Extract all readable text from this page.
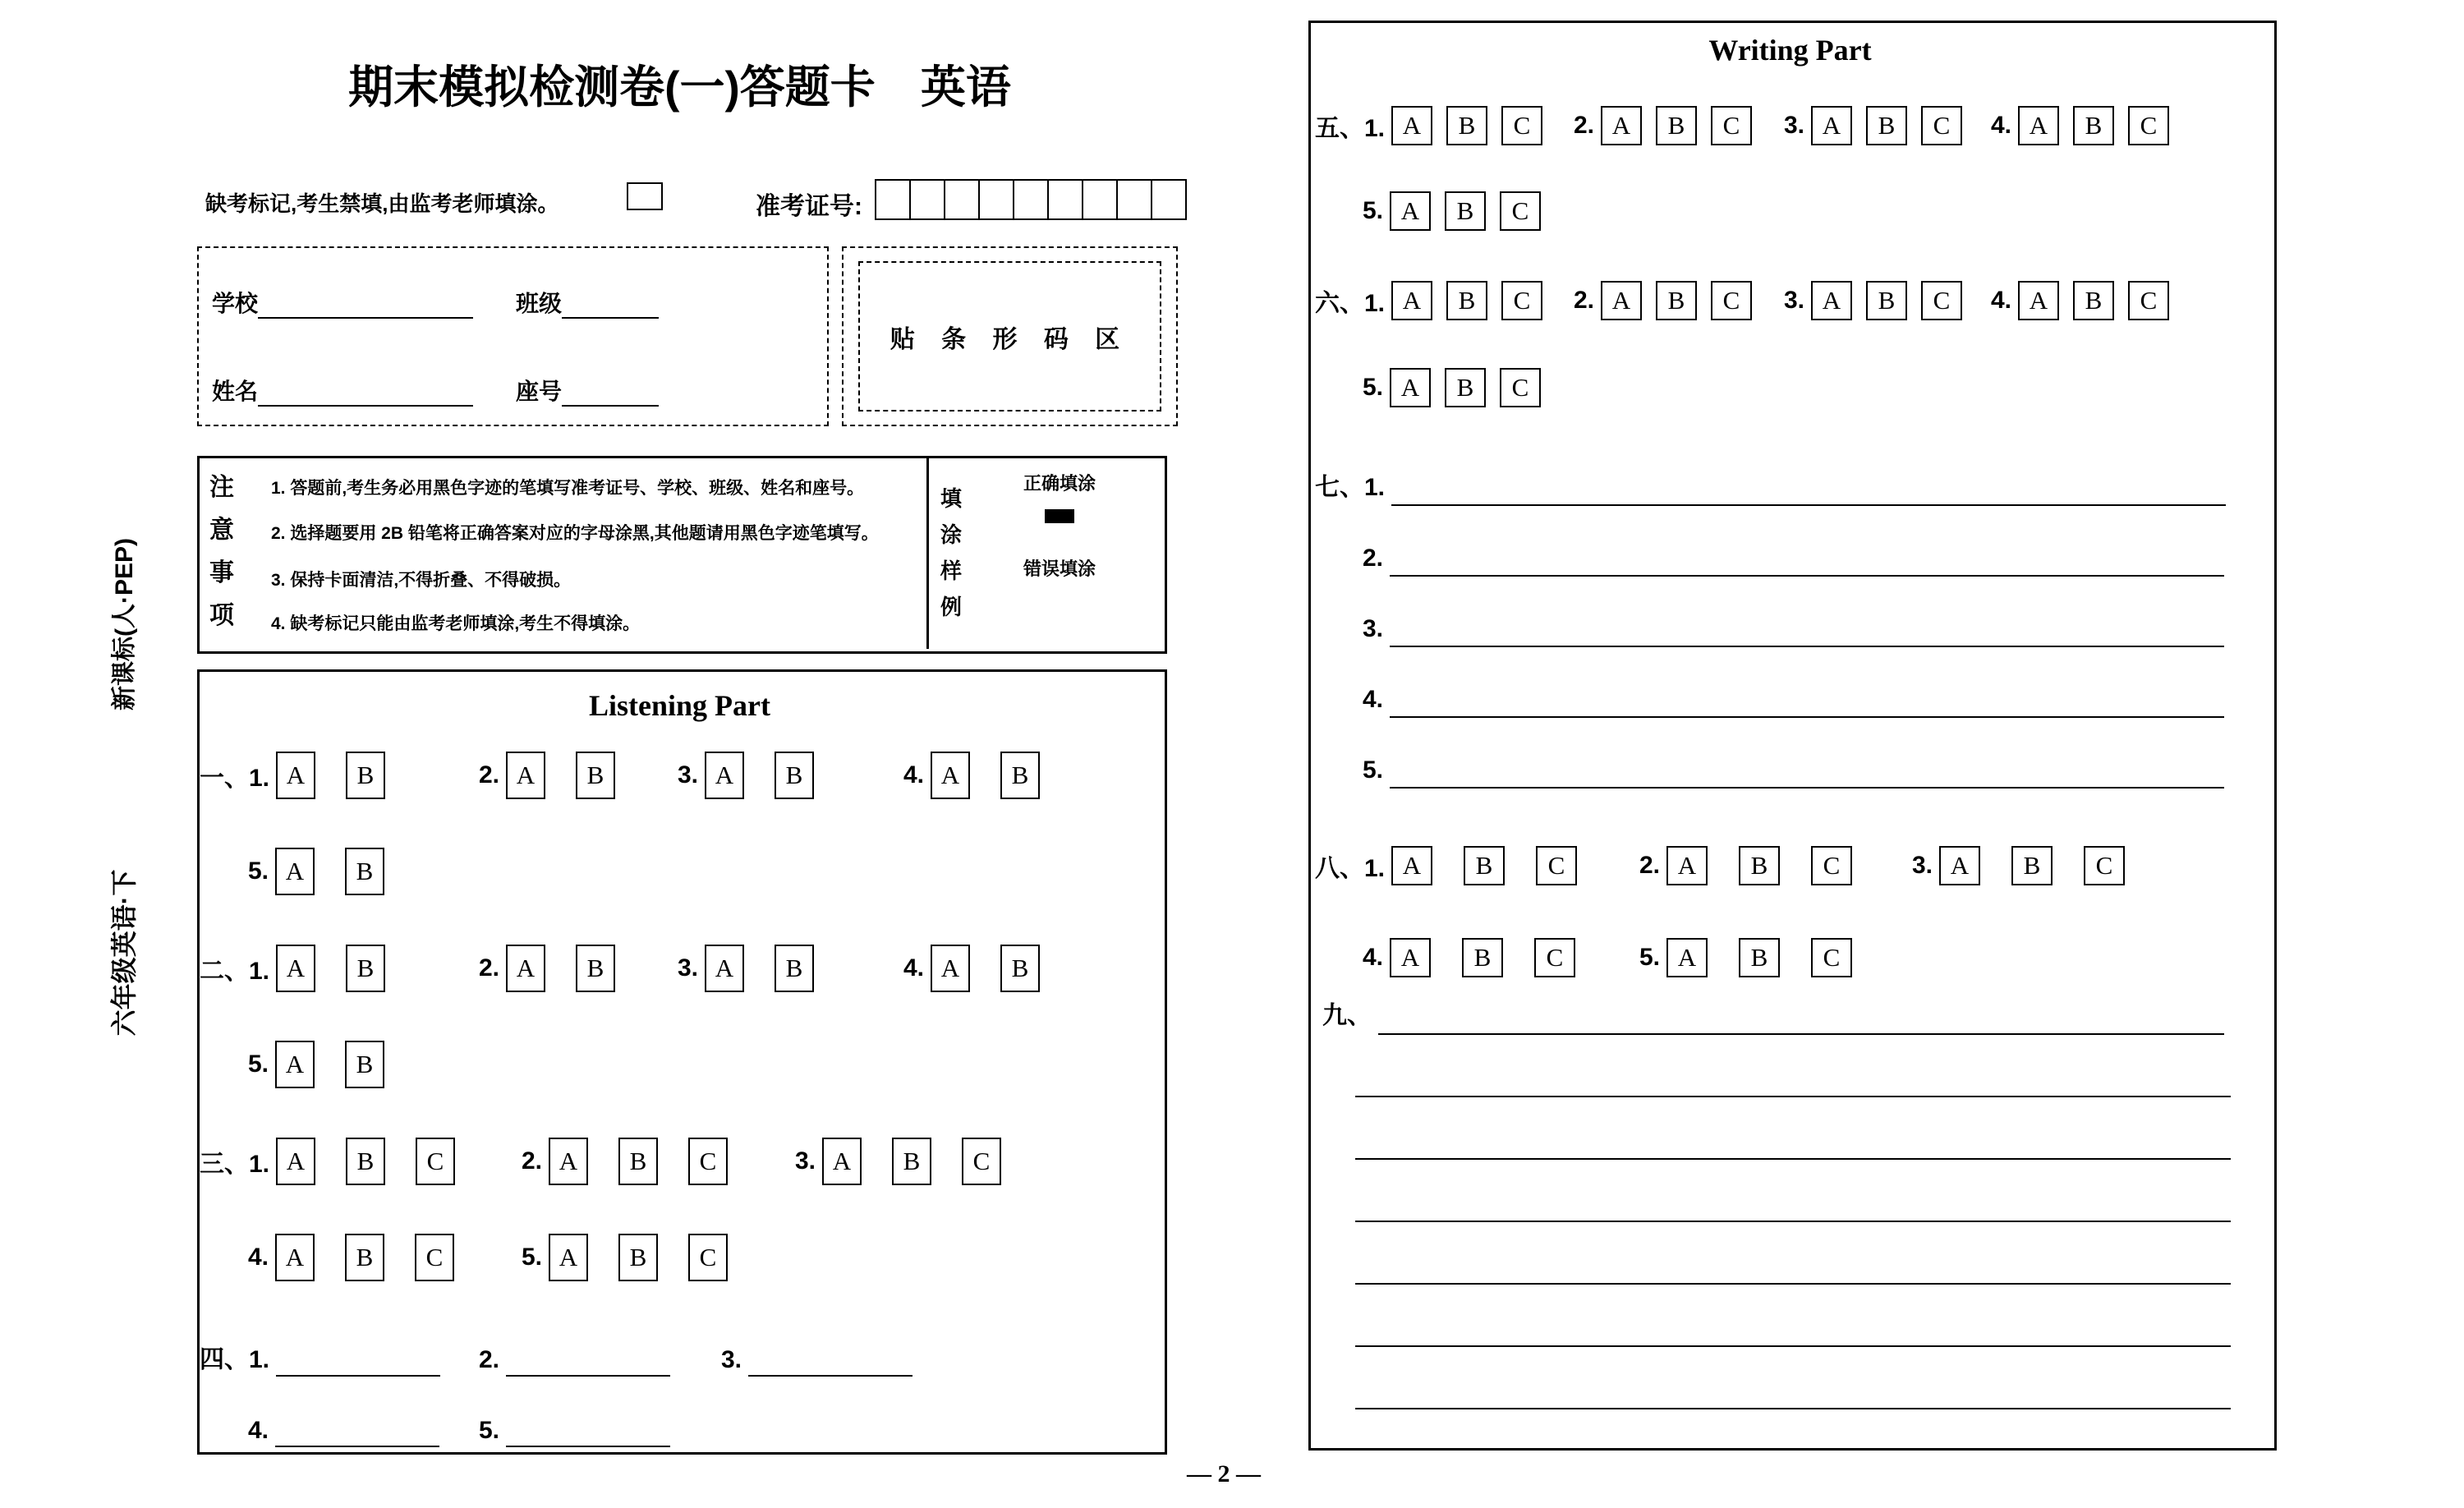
新课标(人·PEP)
六年级英语·下
期末模拟检测卷(一)答题卡 英语
缺考标记,考生禁填,由监考老师填涂。	准考证号:
学校	班级
姓名	座号
贴 条 形 码 区
注意事项
1. 答题前,考生务必用黑色字迹的笔填写准考证号、学校、班级、姓名和座号。
2. 选择题要用 2B 铅笔将正确答案对应的字母涂黑,其他题请用黑色字迹笔填写。
3. 保持卡面清洁,不得折叠、不得破损。
4. 缺考标记只能由监考老师填涂,考生不得填涂。
填涂样例
正确填涂
错误填涂
Listening Part
Writing Part
— 2 —
一、1. A	B	2. A	B	3. A	B	4. A	B
5. A	B
二、1. A	B	2. A	B	3. A	B	4. A	B
5. A	B
三、1. A	B	C	2. A	B	C	3. A	B	C
4. A	B	C	5. A	B	C
四、1.	2.	3.
4.	5.
五、1. A	B	C	2. A	B	C	3. A	B	C	4. A	B	C
5. A	B	C
六、1. A	B	C	2. A	B	C	3. A	B	C	4. A	B	C
5. A	B	C
八、1. A	B	C	2. A	B	C	3. A	B	C
4. A	B	C	5. A	B	C
七、1.
2.
3.
4.
5.
九、
